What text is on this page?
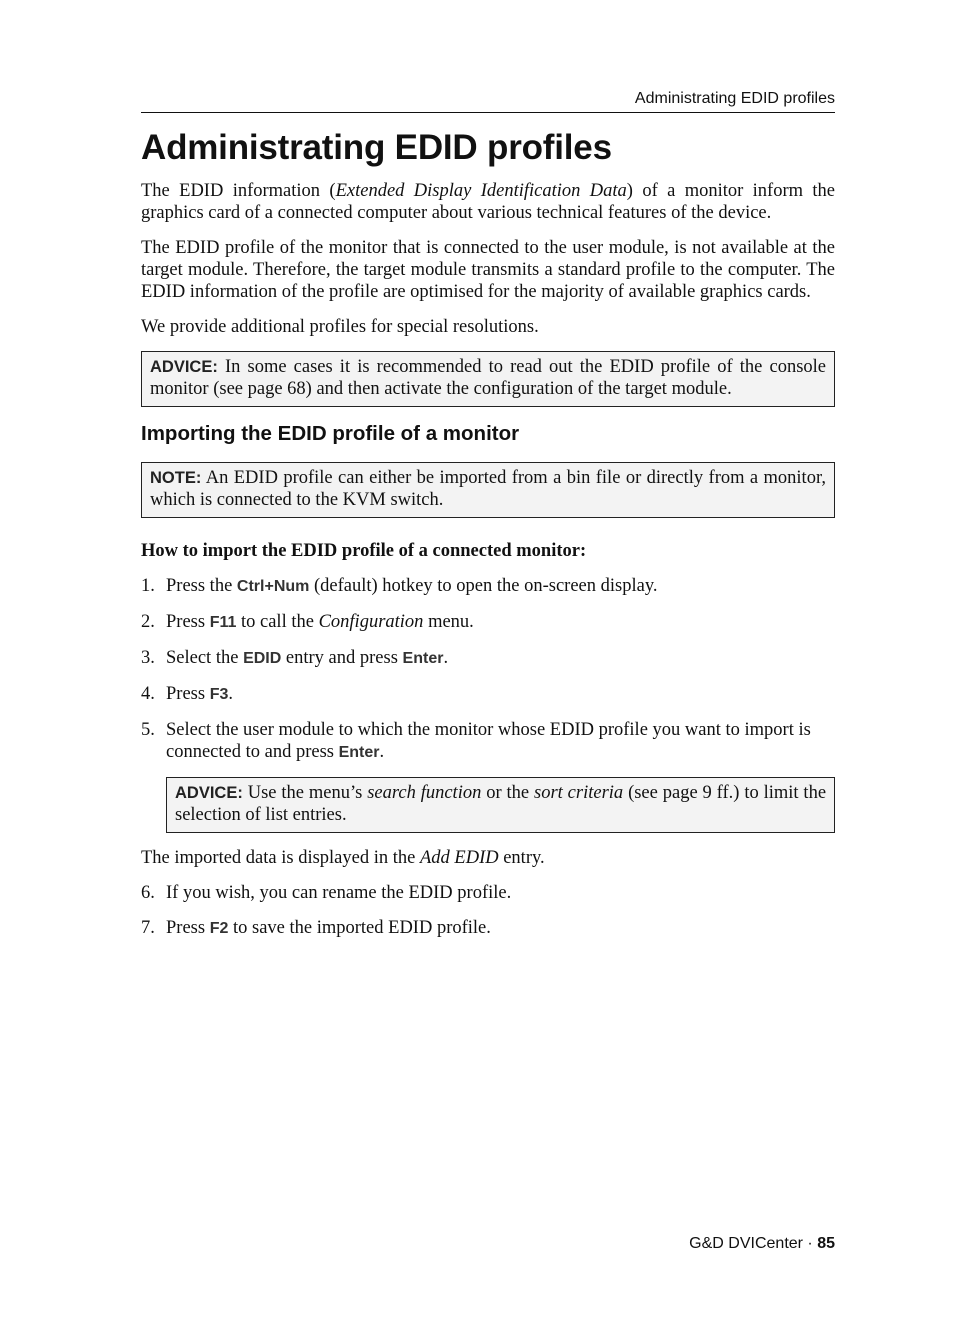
Administrating EDID profiles
Administrating EDID profiles

The EDID information (Extended Display Identification Data) of a monitor inform the graphics card of a connected computer about various technical features of the device.

The EDID profile of the monitor that is connected to the user module, is not available at the target module. Therefore, the target module transmits a standard profile to the computer. The EDID information of the profile are optimised for the majority of available graphics cards.

We provide additional profiles for special resolutions.

ADVICE: In some cases it is recommended to read out the EDID profile of the console monitor (see page 68) and then activate the configuration of the target module.
Importing the EDID profile of a monitor
NOTE: An EDID profile can either be imported from a bin file or directly from a monitor, which is connected to the KVM switch.
How to import the EDID profile of a connected monitor:
1. Press the Ctrl+Num (default) hotkey to open the on-screen display.
2. Press F11 to call the Configuration menu.
3. Select the EDID entry and press Enter.
4. Press F3.
5. Select the user module to which the monitor whose EDID profile you want to import is connected to and press Enter.
ADVICE: Use the menu’s search function or the sort criteria (see page 9 ff.) to limit the selection of list entries.

The imported data is displayed in the Add EDID entry.

6. If you wish, you can rename the EDID profile.
7. Press F2 to save the imported EDID profile.
G&D DVICenter · 85
